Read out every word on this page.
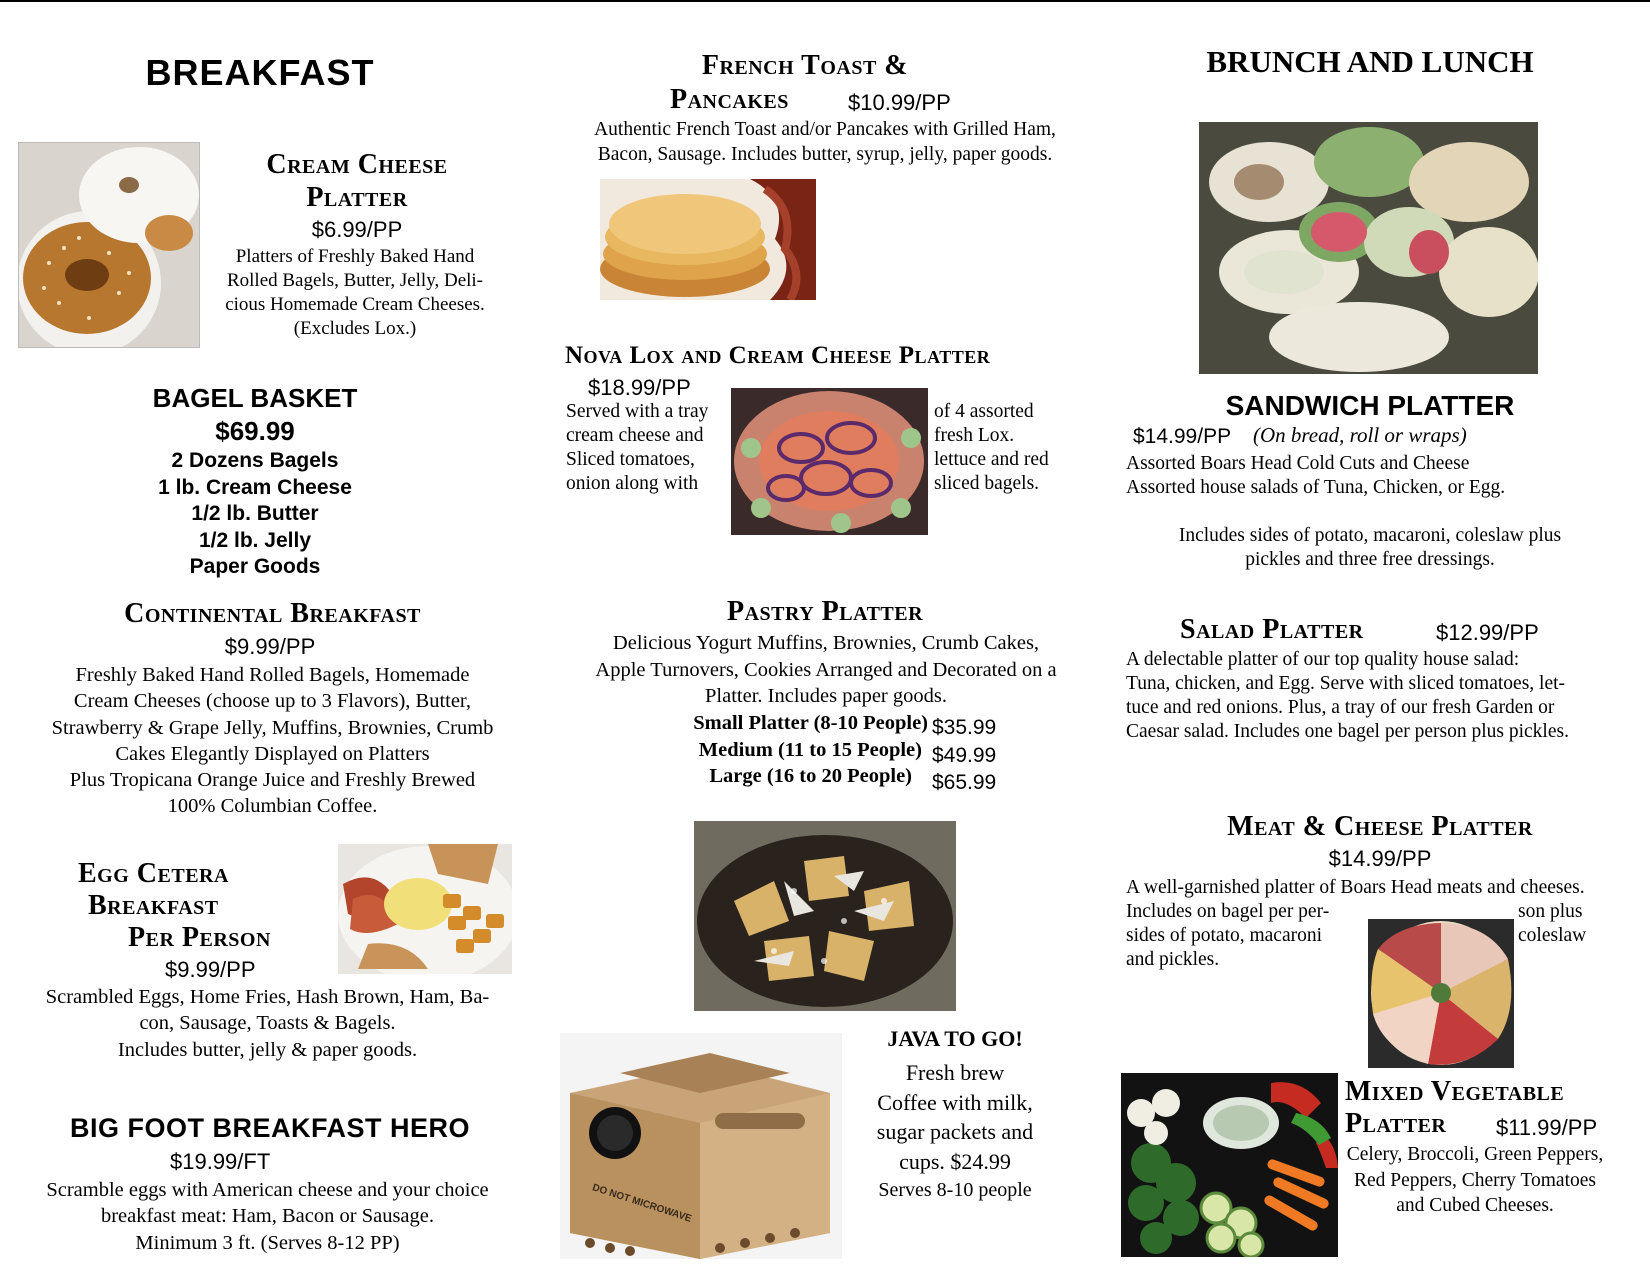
BREAKFAST
Cream Cheese
Platter
$6.99/PP
Platters of Freshly Baked Hand
Rolled Bagels, Butter, Jelly, Deli-
cious Homemade Cream Cheeses.
(Excludes Lox.)
BAGEL BASKET
$69.99
2 Dozens Bagels
1 lb. Cream Cheese
1/2 lb. Butter
1/2 lb. Jelly
Paper Goods
Continental Breakfast
$9.99/PP
Freshly Baked Hand Rolled Bagels, Homemade
Cream Cheeses (choose up to 3 Flavors), Butter,
Strawberry & Grape Jelly, Muffins, Brownies, Crumb
Cakes Elegantly Displayed on Platters
Plus Tropicana Orange Juice and Freshly Brewed
100% Columbian Coffee.
Egg Cetera
Breakfast
Per Person
$9.99/PP
Scrambled Eggs, Home Fries, Hash Brown, Ham, Ba-
con, Sausage, Toasts & Bagels.
Includes butter, jelly & paper goods.
BIG FOOT BREAKFAST HERO
$19.99/FT
Scramble eggs with American cheese and your choice
breakfast meat: Ham, Bacon or Sausage.
Minimum 3 ft. (Serves 8-12 PP)
French Toast &
Pancakes	$10.99/PP
Authentic French Toast and/or Pancakes with Grilled Ham,
Bacon, Sausage. Includes butter, syrup, jelly, paper goods.
Nova Lox and Cream Cheese Platter
$18.99/PP
Served with a tray
cream cheese and
Sliced tomatoes,
onion along with
of 4 assorted
fresh Lox.
lettuce and red
sliced bagels.
Pastry Platter
Delicious Yogurt Muffins, Brownies, Crumb Cakes,
Apple Turnovers, Cookies Arranged and Decorated on a
Platter. Includes paper goods.
Small Platter (8-10 People)
Medium (11 to 15 People)
Large (16 to 20 People)
$35.99
$49.99
$65.99
DO NOT MICROWAVE
JAVA TO GO!
Fresh brew
Coffee with milk,
sugar packets and
cups. $24.99
Serves 8-10 people
BRUNCH AND LUNCH
SANDWICH PLATTER
$14.99/PP (On bread, roll or wraps)
Assorted Boars Head Cold Cuts and Cheese
Assorted house salads of Tuna, Chicken, or Egg.
Includes sides of potato, macaroni, coleslaw plus
pickles and three free dressings.
Salad Platter	$12.99/PP
A delectable platter of our top quality house salad:
Tuna, chicken, and Egg. Serve with sliced tomatoes, let-
tuce and red onions. Plus, a tray of our fresh Garden or
Caesar salad. Includes one bagel per person plus pickles.
Meat & Cheese Platter
$14.99/PP
A well-garnished platter of Boars Head meats and cheeses.
Includes on bagel per per-
sides of potato, macaroni
and pickles.
son plus
coleslaw
Mixed Vegetable
Platter $11.99/PP
Celery, Broccoli, Green Peppers,
Red Peppers, Cherry Tomatoes
and Cubed Cheeses.
